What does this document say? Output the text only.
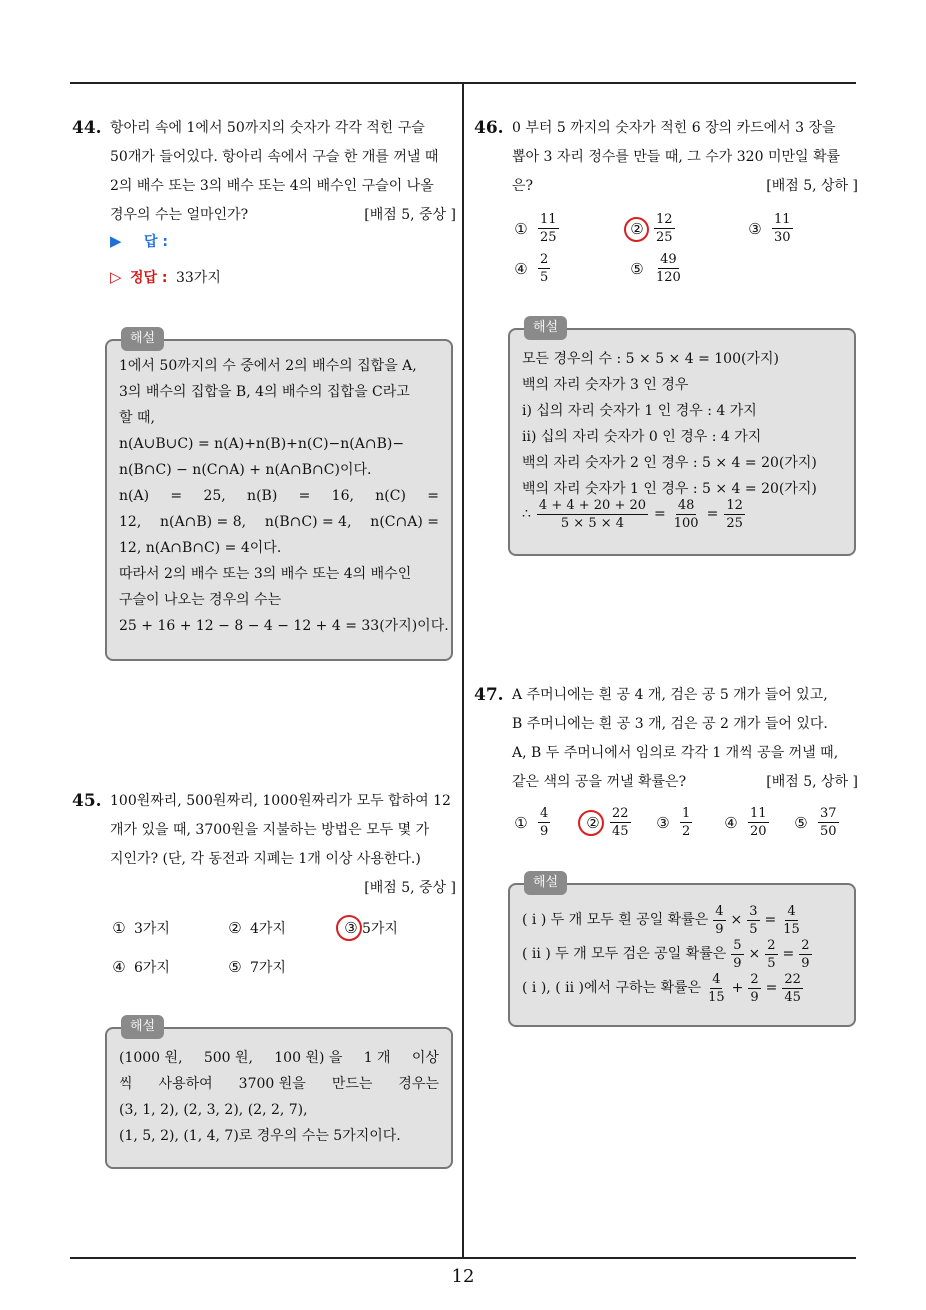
12
44. 항아리 속에 1에서 50까지의 숫자가 각각 적힌 구슬
50개가 들어있다. 항아리 속에서 구슬 한 개를 꺼낼 때
2의 배수 또는 3의 배수 또는 4의 배수인 구슬이 나올
경우의 수는 얼마인가?	[배점 5, 중상 ]
▶ 답 :
▷ 정답 : 33가지
해설
1에서 50까지의 수 중에서 2의 배수의 집합을 A,
3의 배수의 집합을 B, 4의 배수의 집합을 C라고
할 때,
n(A∪B∪C) = n(A)+n(B)+n(C)−n(A∩B)−
n(B∩C) − n(C∩A) + n(A∩B∩C)이다.
n(A) = 25, n(B) = 16, n(C) =
12, n(A∩B) = 8, n(B∩C) = 4, n(C∩A) =
12, n(A∩B∩C) = 4이다.
따라서 2의 배수 또는 3의 배수 또는 4의 배수인
구슬이 나오는 경우의 수는
25 + 16 + 12 − 8 − 4 − 12 + 4 = 33(가지)이다.
45. 100원짜리, 500원짜리, 1000원짜리가 모두 합하여 12
개가 있을 때, 3700원을 지불하는 방법은 모두 몇 가
지인가? (단, 각 동전과 지폐는 1개 이상 사용한다.)
[배점 5, 중상 ]
① 3가지	② 4가지	③ 5가지
④ 6가지	⑤ 7가지
해설
(1000 원, 500 원, 100 원) 을 1 개 이상
씩 사용하여 3700 원을 만드는 경우는
(3, 1, 2), (2, 3, 2), (2, 2, 7),
(1, 5, 2), (1, 4, 7)로 경우의 수는 5가지이다.
46. 0 부터 5 까지의 숫자가 적힌 6 장의 카드에서 3 장을
뽑아 3 자리 정수를 만들 때, 그 수가 320 미만일 확률
은?	[배점 5, 상하 ]
① $\frac{11}{25}$	② $\frac{12}{25}$	③ $\frac{11}{30}$
④ $\frac{2}{5}$	⑤ $\frac{49}{120}$
해설
모든 경우의 수 : 5 × 5 × 4 = 100(가지)
백의 자리 숫자가 3 인 경우
ⅰ) 십의 자리 숫자가 1 인 경우 : 4 가지
ⅱ) 십의 자리 숫자가 0 인 경우 : 4 가지
백의 자리 숫자가 2 인 경우 : 5 × 4 = 20(가지)
백의 자리 숫자가 1 인 경우 : 5 × 4 = 20(가지)
∴ $\frac{4 + 4 + 20 + 20}{5 \times 5 \times 4} = \frac{48}{100} = \frac{12}{25}$
47. A 주머니에는 흰 공 4 개, 검은 공 5 개가 들어 있고,
B 주머니에는 흰 공 3 개, 검은 공 2 개가 들어 있다.
A, B 두 주머니에서 임의로 각각 1 개씩 공을 꺼낼 때,
같은 색의 공을 꺼낼 확률은?	[배점 5, 상하 ]
① $\frac{4}{9}$ ② $\frac{22}{45}$ ③ $\frac{1}{2}$ ④ $\frac{11}{20}$ ⑤ $\frac{37}{50}$
해설
( ⅰ ) 두 개 모두 흰 공일 확률은 $\frac{4}{9} \times \frac{3}{5} = \frac{4}{15}$
( ⅱ ) 두 개 모두 검은 공일 확률은 $\frac{5}{9} \times \frac{2}{5} = \frac{2}{9}$
( ⅰ ), ( ⅱ )에서 구하는 확률은 $\frac{4}{15} + \frac{2}{9} = \frac{22}{45}$
